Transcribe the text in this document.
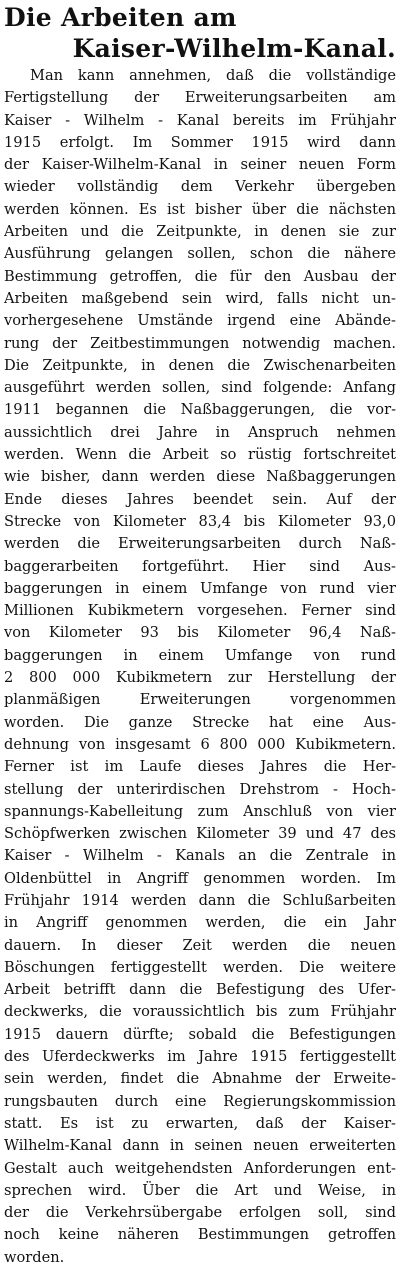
Die Arbeiten am
Kaiser-Wilhelm-Kanal.
Man kann annehmen, daß die vollständige
Fertigstellung der Erweiterungsarbeiten am
Kaiser - Wilhelm - Kanal bereits im Frühjahr
1915 erfolgt. Im Sommer 1915 wird dann
der Kaiser-Wilhelm-Kanal in seiner neuen Form
wieder vollständig dem Verkehr übergeben
werden können. Es ist bisher über die nächsten
Arbeiten und die Zeitpunkte, in denen sie zur
Ausführung gelangen sollen, schon die nähere
Bestimmung getroffen, die für den Ausbau der
Arbeiten maßgebend sein wird, falls nicht un-
vorhergesehene Umstände irgend eine Abände-
rung der Zeitbestimmungen notwendig machen.
Die Zeitpunkte, in denen die Zwischenarbeiten
ausgeführt werden sollen, sind folgende: Anfang
1911 begannen die Naßbaggerungen, die vor-
aussichtlich drei Jahre in Anspruch nehmen
werden. Wenn die Arbeit so rüstig fortschreitet
wie bisher, dann werden diese Naßbaggerungen
Ende dieses Jahres beendet sein. Auf der
Strecke von Kilometer 83,4 bis Kilometer 93,0
werden die Erweiterungsarbeiten durch Naß-
baggerarbeiten fortgeführt. Hier sind Aus-
baggerungen in einem Umfange von rund vier
Millionen Kubikmetern vorgesehen. Ferner sind
von Kilometer 93 bis Kilometer 96,4 Naß-
baggerungen in einem Umfange von rund
2 800 000 Kubikmetern zur Herstellung der
planmäßigen Erweiterungen vorgenommen
worden. Die ganze Strecke hat eine Aus-
dehnung von insgesamt 6 800 000 Kubikmetern.
Ferner ist im Laufe dieses Jahres die Her-
stellung der unterirdischen Drehstrom - Hoch-
spannungs-Kabelleitung zum Anschluß von vier
Schöpfwerken zwischen Kilometer 39 und 47 des
Kaiser - Wilhelm - Kanals an die Zentrale in
Oldenbüttel in Angriff genommen worden. Im
Frühjahr 1914 werden dann die Schlußarbeiten
in Angriff genommen werden, die ein Jahr
dauern. In dieser Zeit werden die neuen
Böschungen fertiggestellt werden. Die weitere
Arbeit betrifft dann die Befestigung des Ufer-
deckwerks, die voraussichtlich bis zum Frühjahr
1915 dauern dürfte; sobald die Befestigungen
des Uferdeckwerks im Jahre 1915 fertiggestellt
sein werden, findet die Abnahme der Erweite-
rungsbauten durch eine Regierungskommission
statt. Es ist zu erwarten, daß der Kaiser-
Wilhelm-Kanal dann in seinen neuen erweiterten
Gestalt auch weitgehendsten Anforderungen ent-
sprechen wird. Über die Art und Weise, in
der die Verkehrsübergabe erfolgen soll, sind
noch keine näheren Bestimmungen getroffen
worden.
